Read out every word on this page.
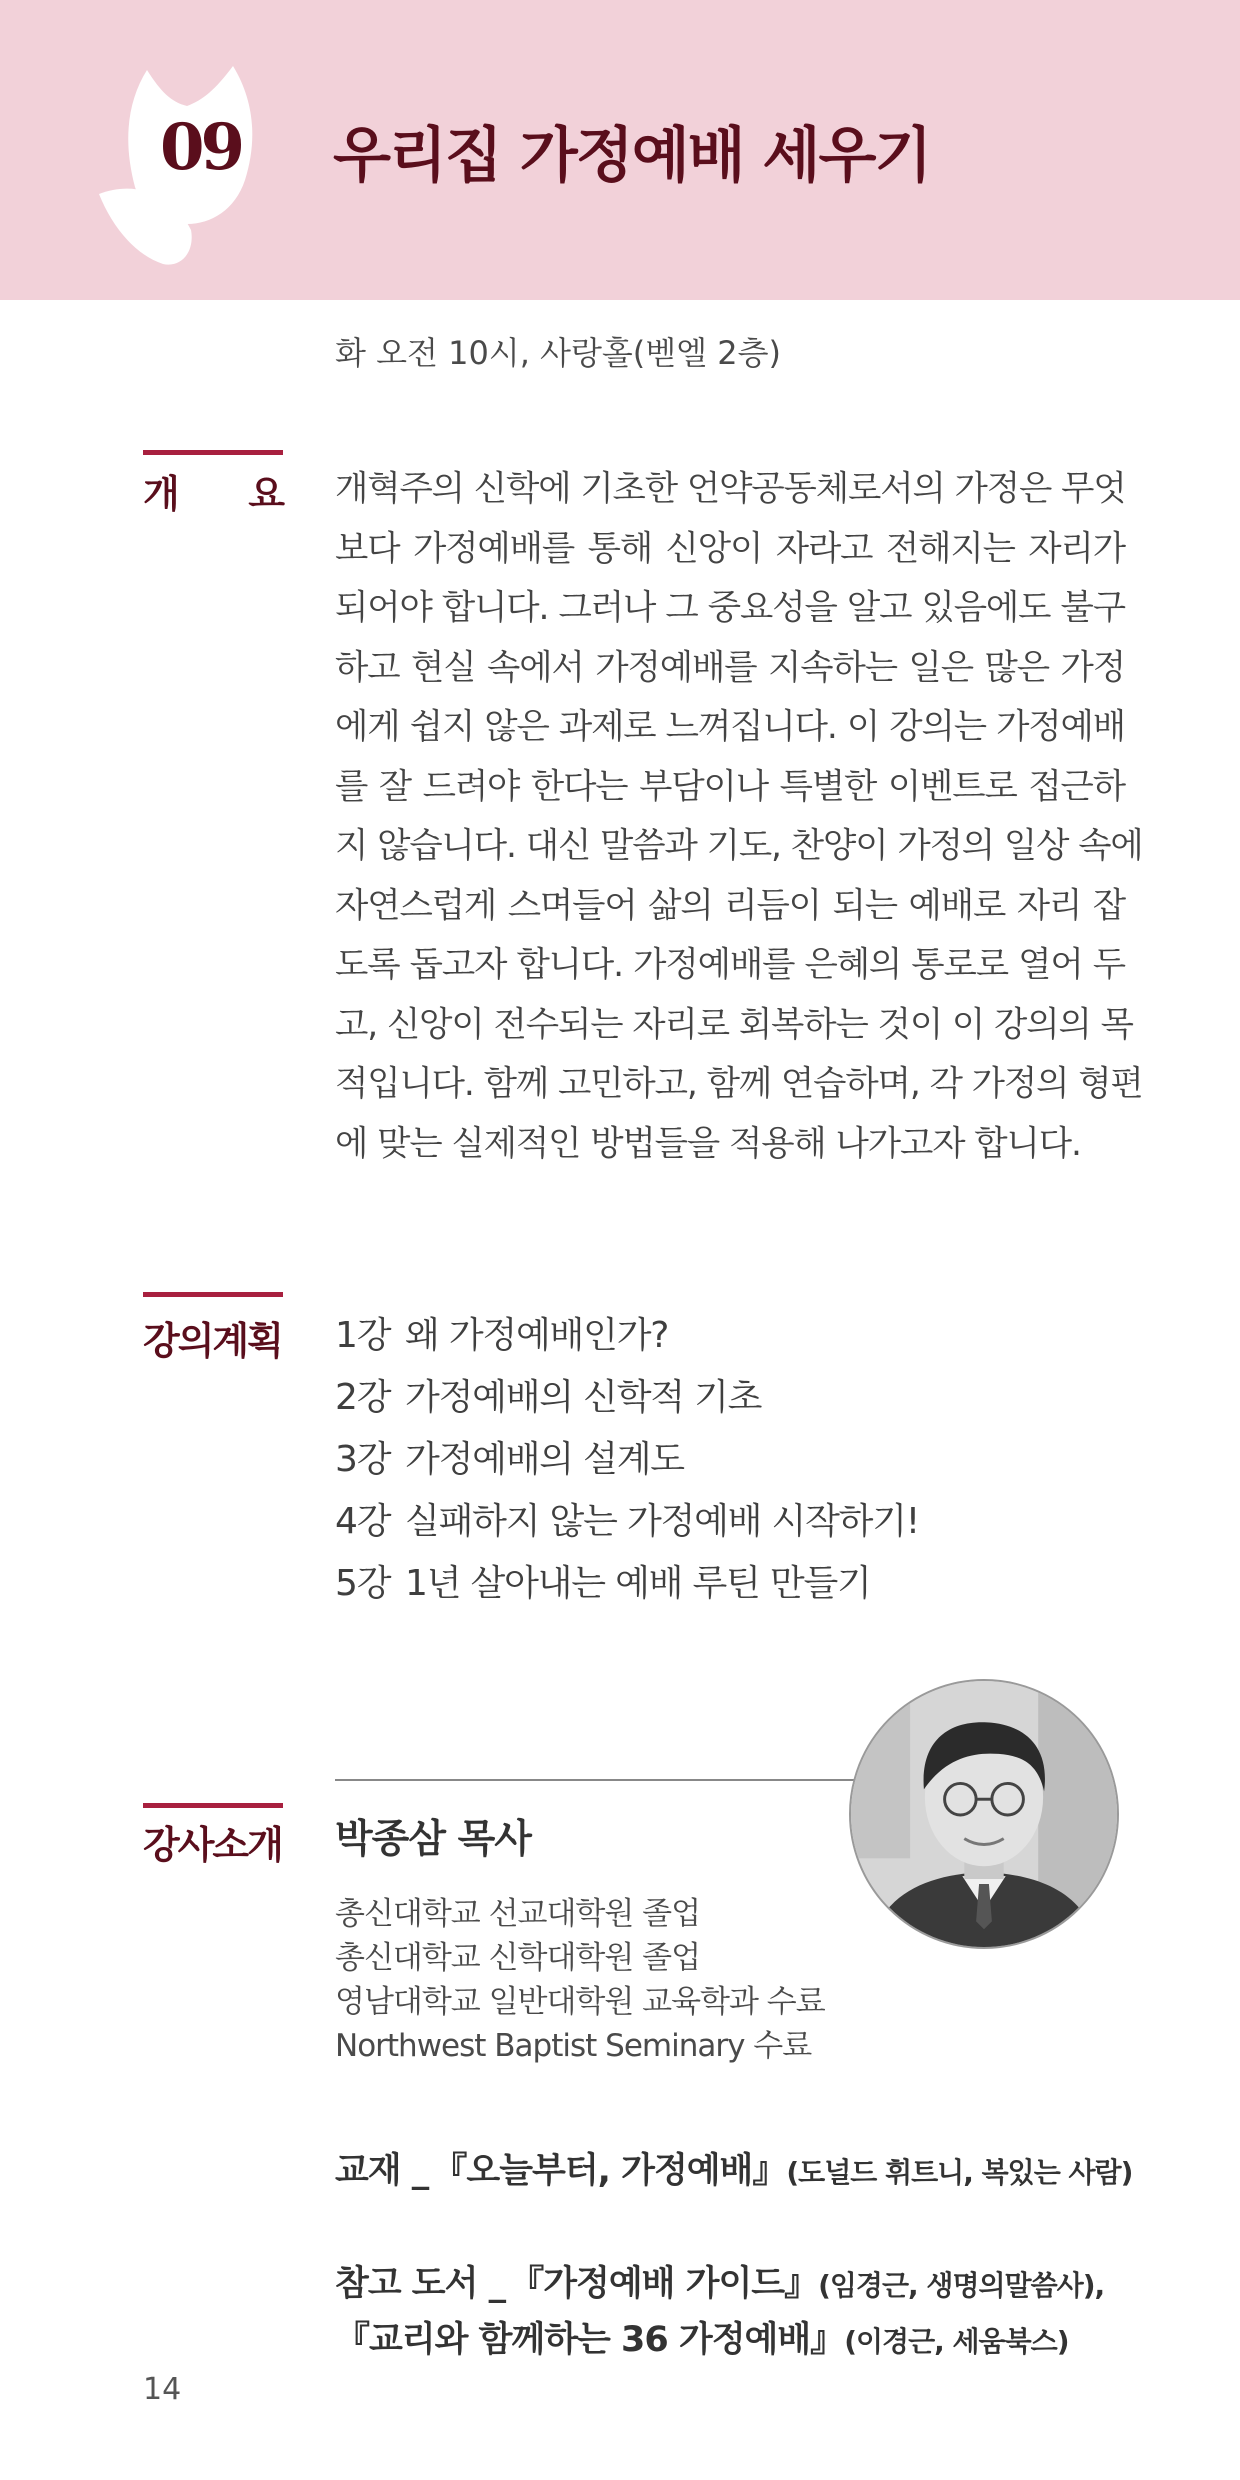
09	우리집 가정예배 세우기
화 오전 10시, 사랑홀(벧엘 2층)
개 요 개혁주의 신학에 기초한 언약공동체로서의 가정은 무엇
보다 가정예배를 통해 신앙이 자라고 전해지는 자리가
되어야 합니다. 그러나 그 중요성을 알고 있음에도 불구
하고 현실 속에서 가정예배를 지속하는 일은 많은 가정
에게 쉽지 않은 과제로 느껴집니다. 이 강의는 가정예배
를 잘 드려야 한다는 부담이나 특별한 이벤트로 접근하
지 않습니다. 대신 말씀과 기도, 찬양이 가정의 일상 속에
자연스럽게 스며들어 삶의 리듬이 되는 예배로 자리 잡
도록 돕고자 합니다. 가정예배를 은혜의 통로로 열어 두
고, 신앙이 전수되는 자리로 회복하는 것이 이 강의의 목
적입니다. 함께 고민하고, 함께 연습하며, 각 가정의 형편
에 맞는 실제적인 방법들을 적용해 나가고자 합니다.
강의계획 1강 왜 가정예배인가?
2강 가정예배의 신학적 기초
3강 가정예배의 설계도
4강 실패하지 않는 가정예배 시작하기!
5강 1년 살아내는 예배 루틴 만들기
강사소개 박종삼 목사
총신대학교 선교대학원 졸업
총신대학교 신학대학원 졸업
영남대학교 일반대학원 교육학과 수료
Northwest Baptist Seminary 수료
교재 _ 『오늘부터, 가정예배』(도널드 휘트니, 복있는 사람)
참고 도서 _ 『가정예배 가이드』(임경근, 생명의말씀사),
『교리와 함께하는 36 가정예배』(이경근, 세움북스)
14
